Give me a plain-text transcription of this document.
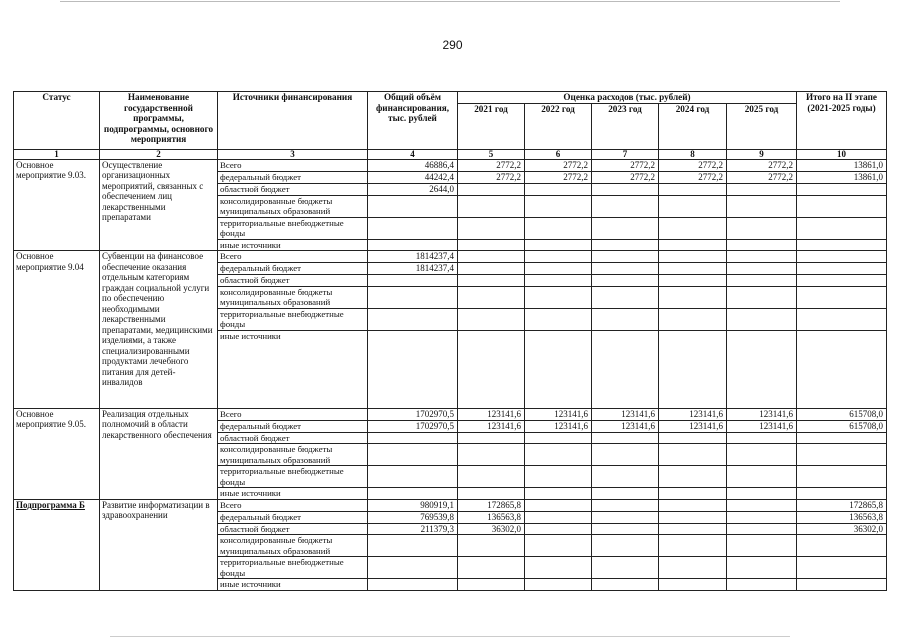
290
Статус	Наименование государственной программы, подпрограммы, основного мероприятия	Источники финансирования	Общий объём финансирования, тыс. рублей	Оценка расходов (тыс. рублей)					Итого на II этапе (2021-2025 годы)
				2021 год	2022 год	2023 год	2024 год	2025 год	
1	2	3	4	5	6	7	8	9	10
Основное мероприятие 9.03.	Осуществление организационных мероприятий, связанных с обеспечением лиц лекарственными препаратами	Всего	46886,4	2772,2	2772,2	2772,2	2772,2	2772,2	13861,0
		федеральный бюджет	44242,4	2772,2	2772,2	2772,2	2772,2	2772,2	13861,0
		областной бюджет	2644,0						
		консолидированные бюджеты муниципальных образований							
		территориальные внебюджетные фонды							
		иные источники							
Основное мероприятие 9.04	Субвенции на финансовое обеспечение оказания отдельным категориям граждан социальной услуги по обеспечению необходимыми лекарственными препаратами, медицинскими изделиями, а также специализированными продуктами лечебного питания для детей-инвалидов	Всего	1814237,4						
		федеральный бюджет	1814237,4						
		областной бюджет							
		консолидированные бюджеты муниципальных образований							
		территориальные внебюджетные фонды							
		иные источники							
Основное мероприятие 9.05.	Реализация отдельных полномочий в области лекарственного обеспечения	Всего	1702970,5	123141,6	123141,6	123141,6	123141,6	123141,6	615708,0
		федеральный бюджет	1702970,5	123141,6	123141,6	123141,6	123141,6	123141,6	615708,0
		областной бюджет							
		консолидированные бюджеты муниципальных образований							
		территориальные внебюджетные фонды							
		иные источники							
Подпрограмма Б	Развитие информатизации в здравоохранении	Всего	980919,1	172865,8					172865,8
		федеральный бюджет	769539,8	136563,8					136563,8
		областной бюджет	211379,3	36302,0					36302,0
		консолидированные бюджеты муниципальных образований							
		территориальные внебюджетные фонды							
		иные источники							
